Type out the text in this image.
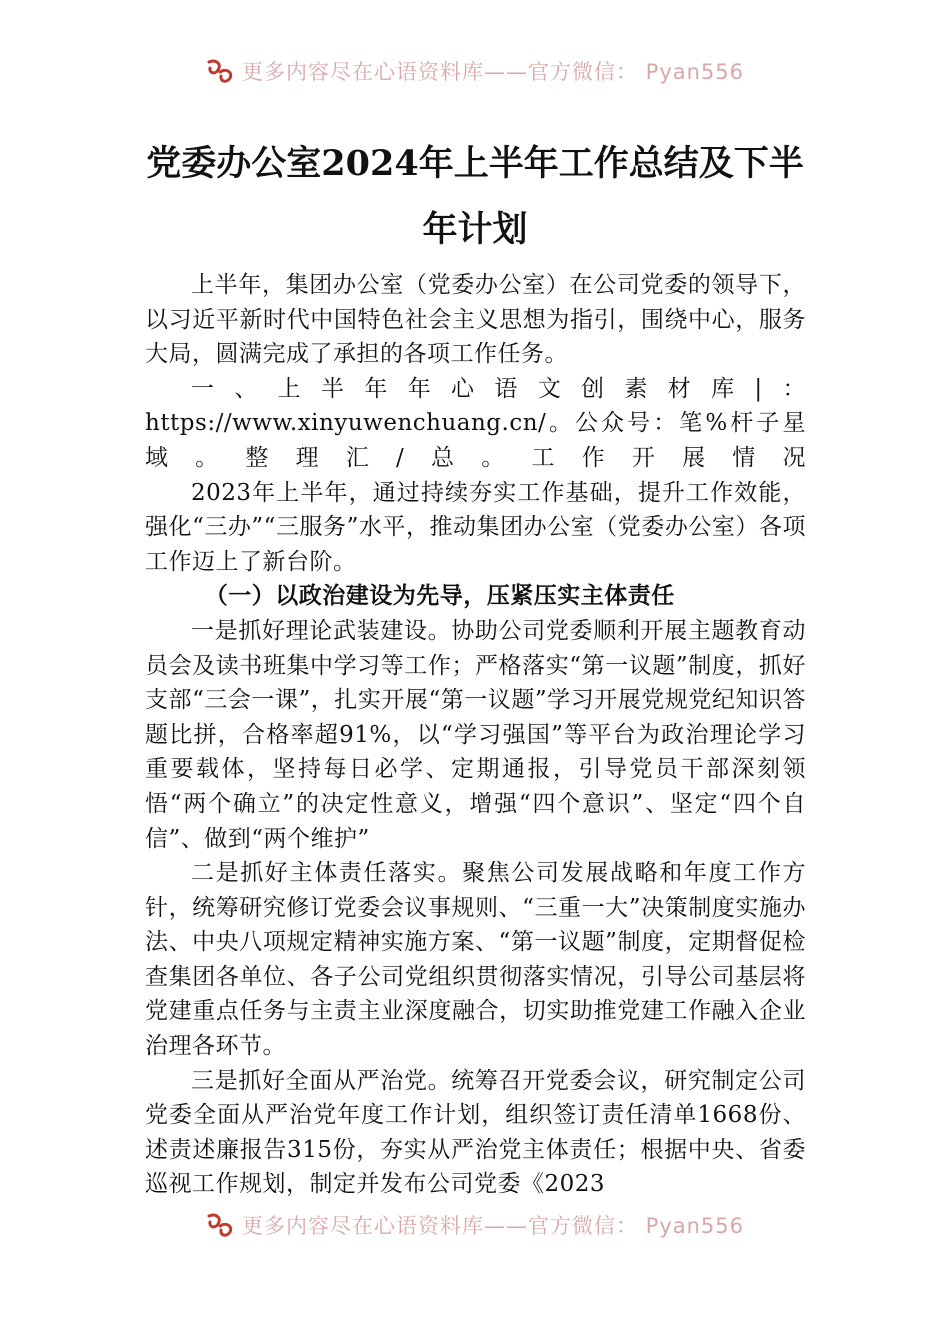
更多内容尽在心语资料库——官方微信： Pyan556
党委办公室2024年上半年工作总结及下半
年计划

上半年，集团办公室（党委办公室）在公司党委的领导下，以习近平新时代中国特色社会主义思想为指引，围绕中心，服务大局，圆满完成了承担的各项工作任务。

一、上半年年心语文创素材库|：https://www.xinyuwenchuang.cn/。公众号：笔%杆子星域。整理汇/总。工作开展情况

2023年上半年，通过持续夯实工作基础，提升工作效能，强化“三办”“三服务”水平，推动集团办公室（党委办公室）各项工作迈上了新台阶。

（一）以政治建设为先导，压紧压实主体责任

一是抓好理论武装建设。协助公司党委顺利开展主题教育动员会及读书班集中学习等工作；严格落实“第一议题”制度，抓好支部“三会一课”，扎实开展“第一议题”学习开展党规党纪知识答题比拼，合格率超91%，以“学习强国”等平台为政治理论学习重要载体，坚持每日必学、定期通报，引导党员干部深刻领悟“两个确立”的决定性意义，增强“四个意识”、坚定“四个自信”、做到“两个维护”

二是抓好主体责任落实。聚焦公司发展战略和年度工作方针，统筹研究修订党委会议事规则、“三重一大”决策制度实施办法、中央八项规定精神实施方案、“第一议题”制度，定期督促检查集团各单位、各子公司党组织贯彻落实情况，引导公司基层将党建重点任务与主责主业深度融合，切实助推党建工作融入企业治理各环节。

三是抓好全面从严治党。统筹召开党委会议，研究制定公司党委全面从严治党年度工作计划，组织签订责任清单1668份、述责述廉报告315份，夯实从严治党主体责任；根据中央、省委巡视工作规划，制定并发布公司党委《2023

更多内容尽在心语资料库——官方微信： Pyan556
